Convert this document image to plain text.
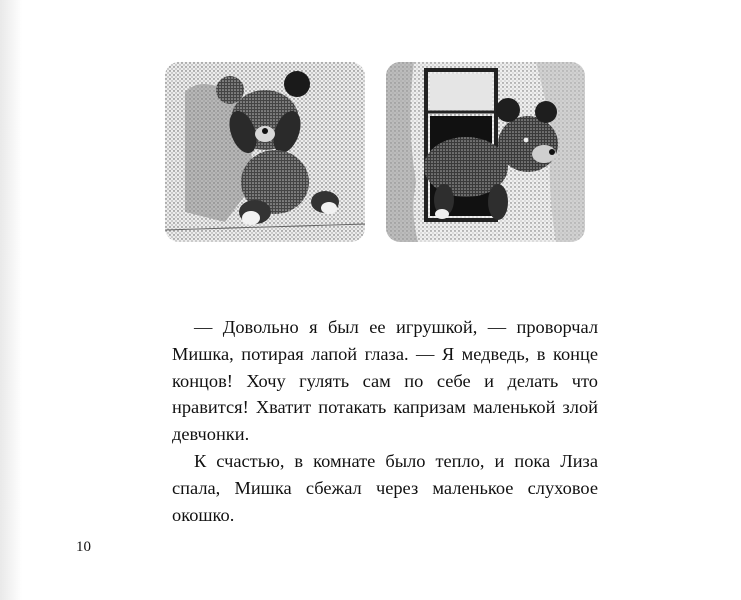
— Довольно я был ее игрушкой, — проворчал Мишка, потирая лапой глаза. — Я медведь, в конце концов! Хочу гулять сам по себе и делать что нравится! Хватит потакать капризам маленькой злой девчонки.

К счастью, в комнате было тепло, и пока Лиза спала, Мишка сбежал через маленькое слуховое окошко.

10
